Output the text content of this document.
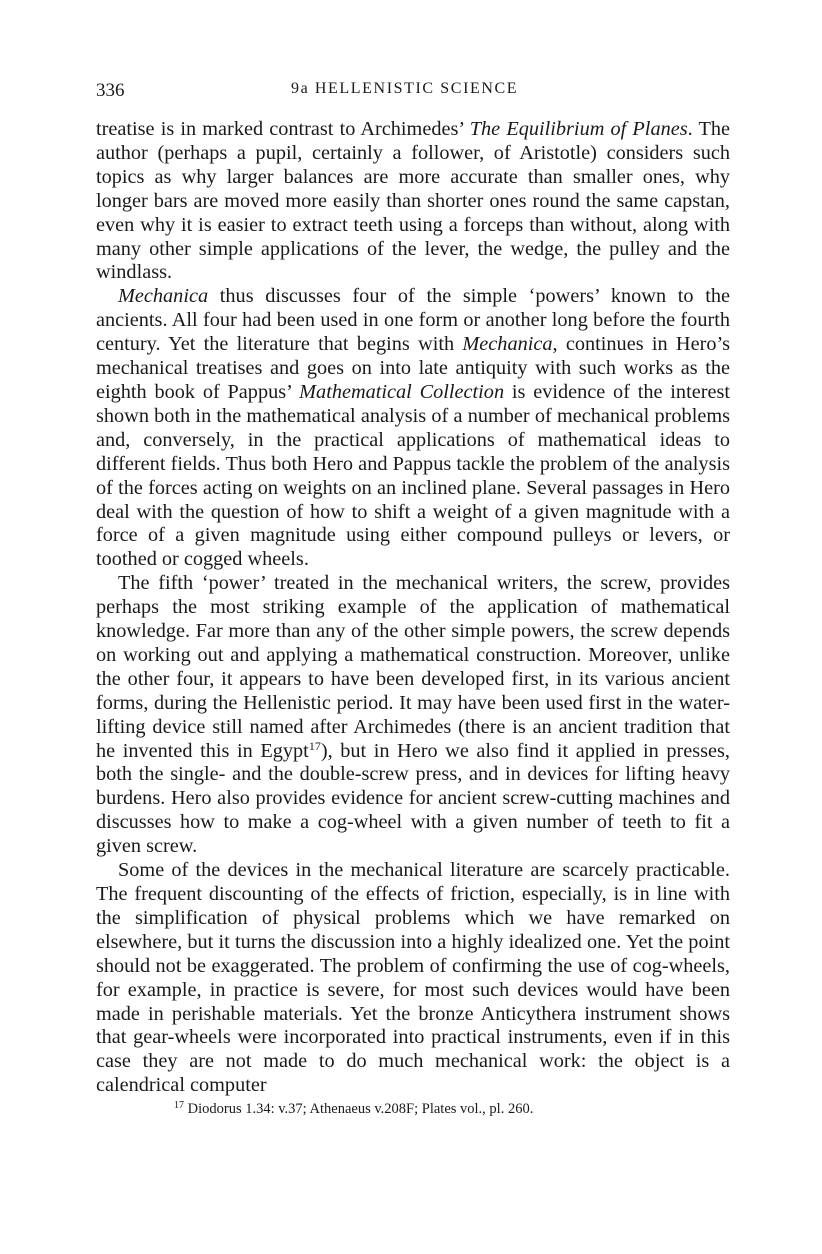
336	9a HELLENISTIC SCIENCE

treatise is in marked contrast to Archimedes’ The Equilibrium of Planes. The author (perhaps a pupil, certainly a follower, of Aristotle) considers such topics as why larger balances are more accurate than smaller ones, why longer bars are moved more easily than shorter ones round the same capstan, even why it is easier to extract teeth using a forceps than without, along with many other simple applications of the lever, the wedge, the pulley and the windlass.

Mechanica thus discusses four of the simple ‘powers’ known to the ancients. All four had been used in one form or another long before the fourth century. Yet the literature that begins with Mechanica, continues in Hero’s mechanical treatises and goes on into late antiquity with such works as the eighth book of Pappus’ Mathematical Collection is evidence of the interest shown both in the mathematical analysis of a number of mechanical problems and, conversely, in the practical applications of mathematical ideas to different fields. Thus both Hero and Pappus tackle the problem of the analysis of the forces acting on weights on an inclined plane. Several passages in Hero deal with the question of how to shift a weight of a given magnitude with a force of a given magnitude using either compound pulleys or levers, or toothed or cogged wheels.

The fifth ‘power’ treated in the mechanical writers, the screw, provides perhaps the most striking example of the application of mathematical knowledge. Far more than any of the other simple powers, the screw depends on working out and applying a mathematical construction. Moreover, unlike the other four, it appears to have been developed first, in its various ancient forms, during the Hellenistic period. It may have been used first in the water-lifting device still named after Archimedes (there is an ancient tradition that he invented this in Egypt$^{17}$), but in Hero we also find it applied in presses, both the single- and the double-screw press, and in devices for lifting heavy burdens. Hero also provides evidence for ancient screw-cutting machines and discusses how to make a cog-wheel with a given number of teeth to fit a given screw.

Some of the devices in the mechanical literature are scarcely practicable. The frequent discounting of the effects of friction, especially, is in line with the simplification of physical problems which we have remarked on elsewhere, but it turns the discussion into a highly idealized one. Yet the point should not be exaggerated. The problem of confirming the use of cog-wheels, for example, in practice is severe, for most such devices would have been made in perishable materials. Yet the bronze Anticythera instrument shows that gear-wheels were incorporated into practical instruments, even if in this case they are not made to do much mechanical work: the object is a calendrical computer

$^{17}$ Diodorus 1.34: v.37; Athenaeus v.208F; Plates vol., pl. 260.
